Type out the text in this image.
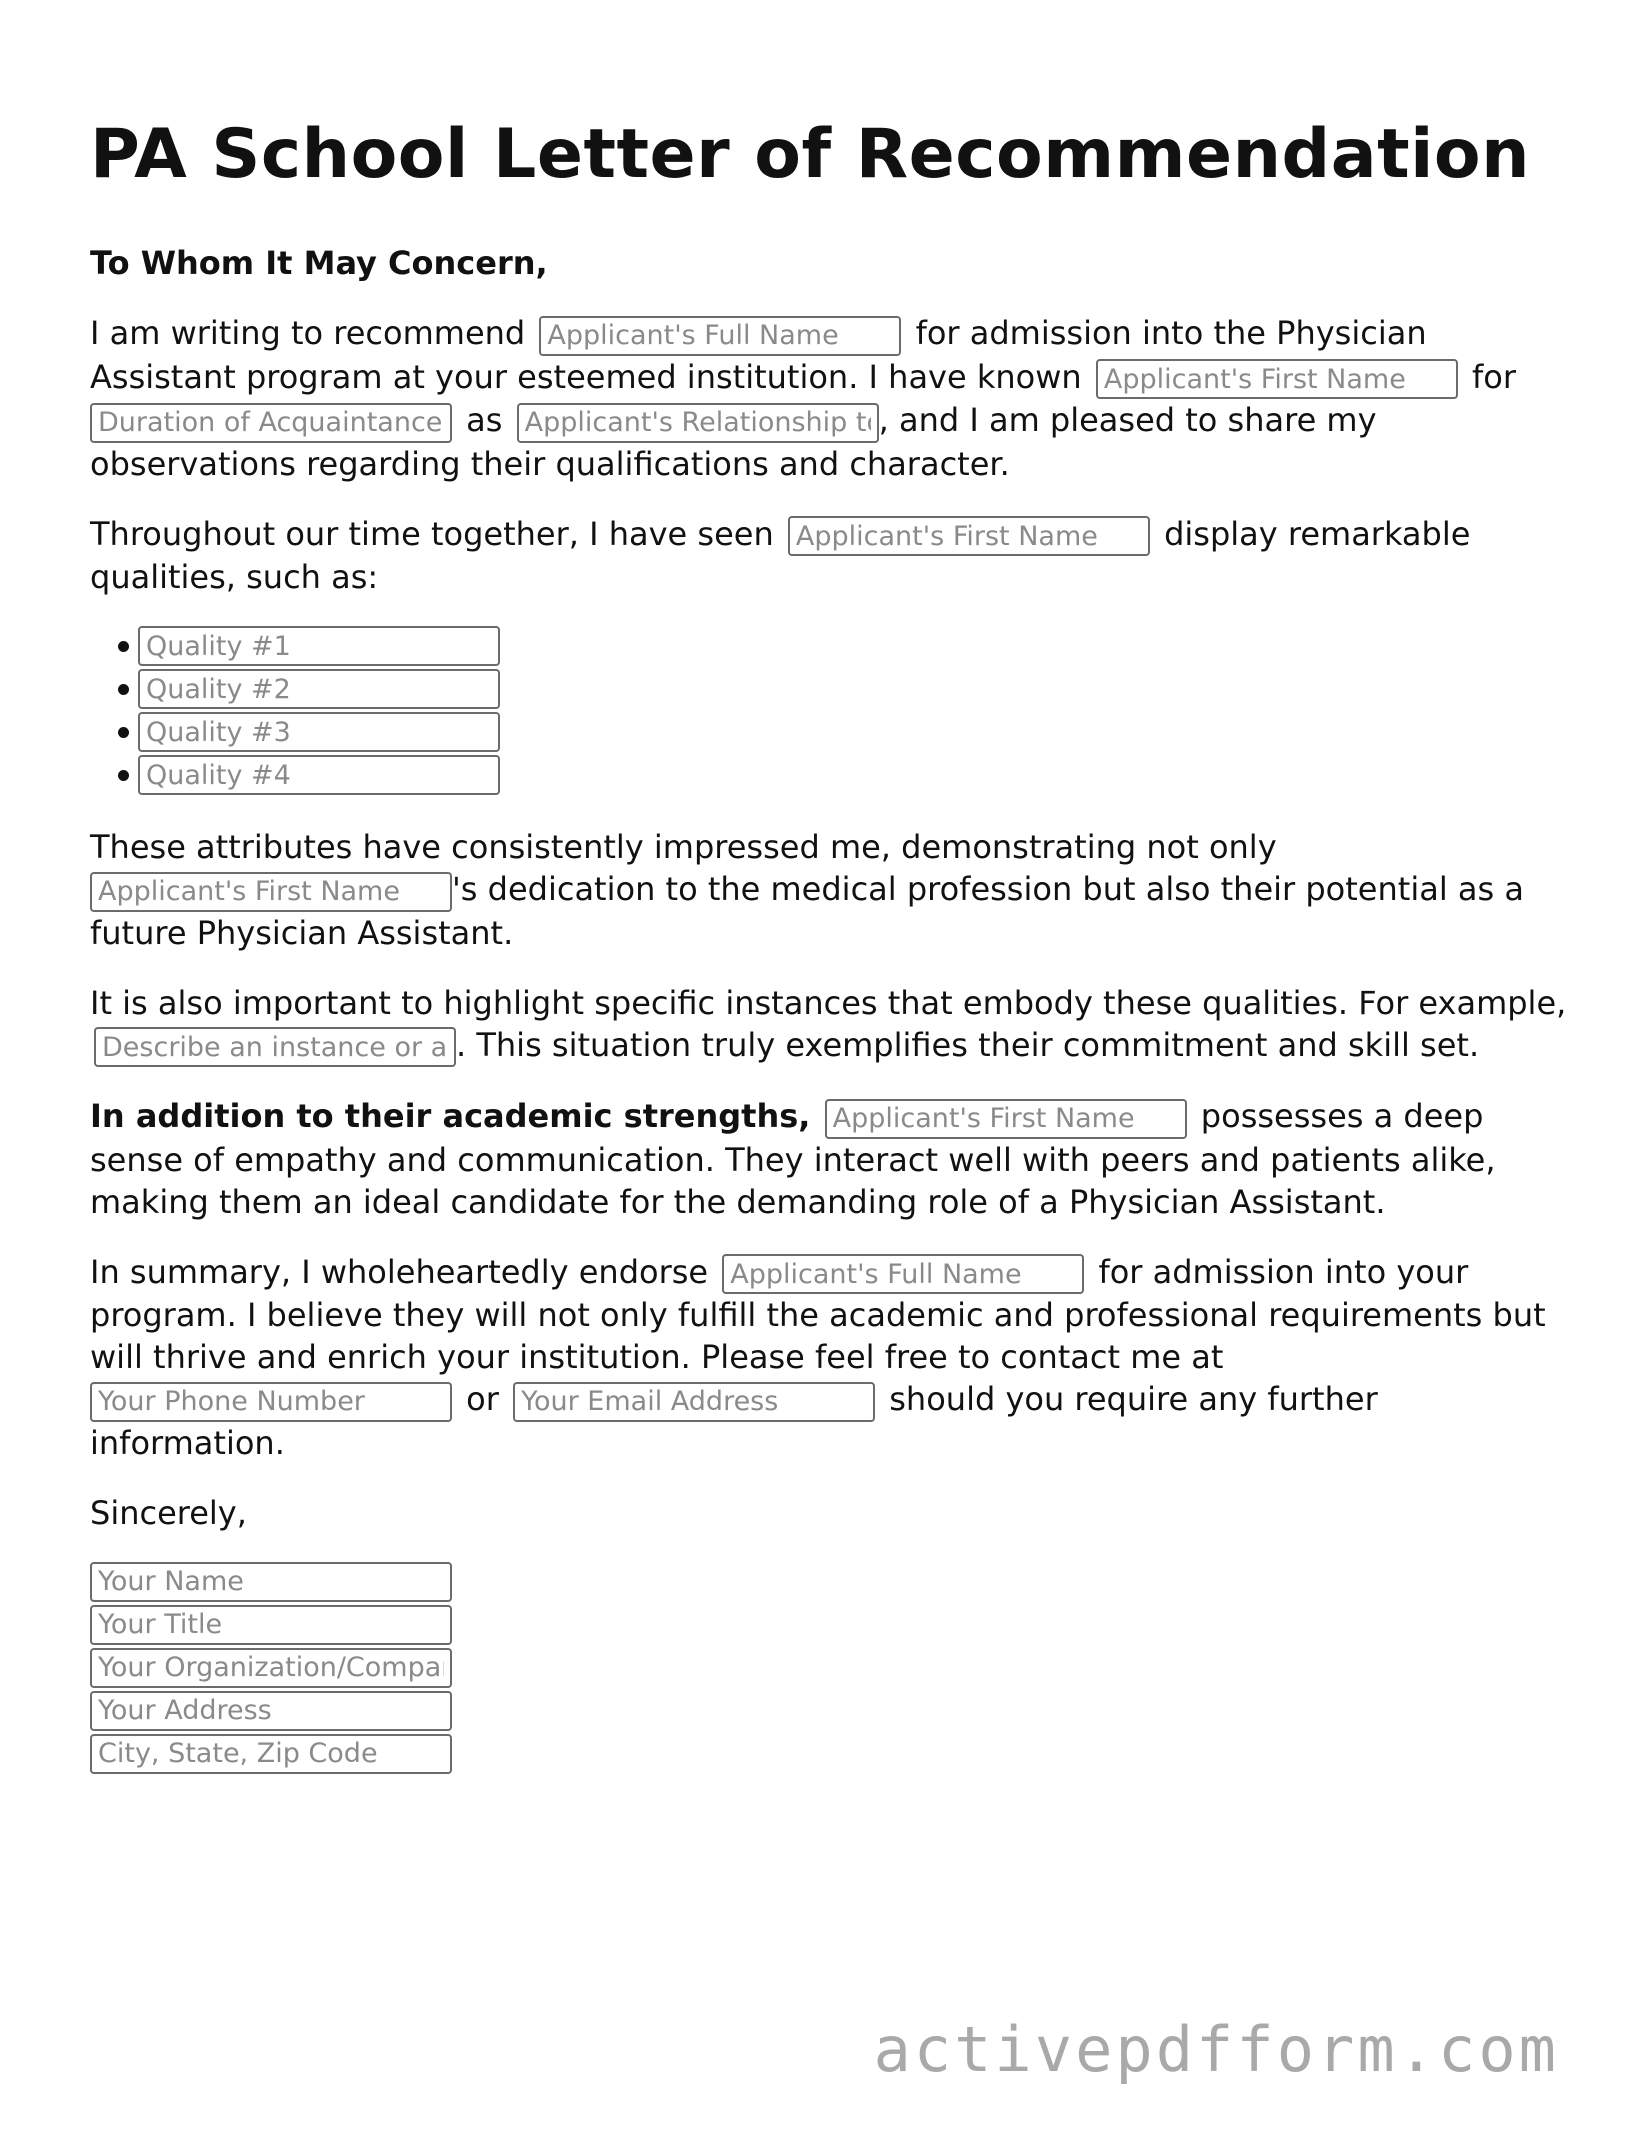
PA School Letter of Recommendation
To Whom It May Concern,

I am writing to recommend Applicant's Full Name	for admission into the Physician Assistant program at your esteemed institution. I have known Applicant's First Name	for Duration of Acquaintance as Applicant's Relationship to You	, and I am pleased to share my observations regarding their qualifications and character.

Throughout our time together, I have seen Applicant's First Name	display remarkable qualities, such as:

Quality #1
Quality #2
Quality #3
Quality #4

These attributes have consistently impressed me, demonstrating not only Applicant's First Name's dedication to the medical profession but also their potential as a future Physician Assistant.

It is also important to highlight specific instances that embody these qualities. For example, Describe an instance or achievement. This situation truly exemplifies their commitment and skill set.

In addition to their academic strengths, Applicant's First Name	possesses a deep sense of empathy and communication. They interact well with peers and patients alike, making them an ideal candidate for the demanding role of a Physician Assistant.

In summary, I wholeheartedly endorse Applicant's Full Name	for admission into your program. I believe they will not only fulfill the academic and professional requirements but will thrive and enrich your institution. Please feel free to contact me at Your Phone Number or Your Email Address	should you require any further information.

Sincerely,

Your Name
Your Title
Your Organization/Company
Your Address
City, State, Zip Code
activepdfform.com
